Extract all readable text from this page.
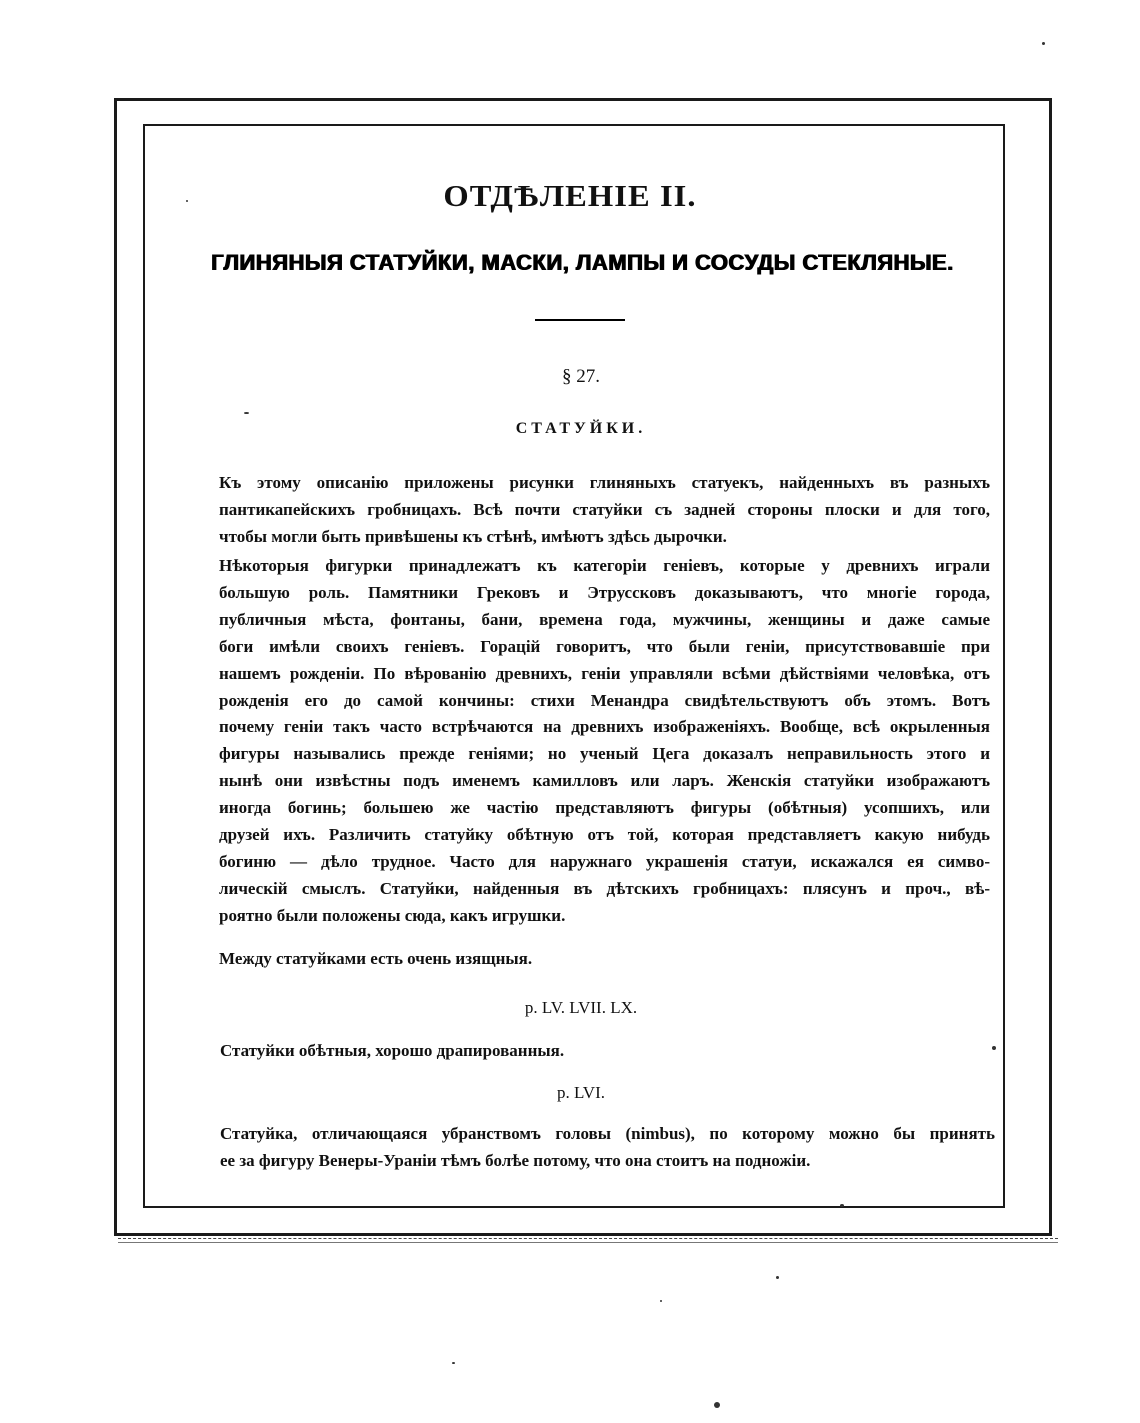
ОТДѢЛЕНІЕ II.
ГЛИНЯНЫЯ СТАТУЙКИ, МАСКИ, ЛАМПЫ И СОСУДЫ СТЕКЛЯНЫЕ.
§ 27.
СТАТУЙКИ.
Къ этому описанію приложены рисунки глиняныхъ статуекъ, найденныхъ въ разныхъ
пантикапейскихъ гробницахъ. Всѣ почти статуйки съ задней стороны плоски и для того,
чтобы могли быть привѣшены къ стѣнѣ, имѣютъ здѣсь дырочки.
Нѣкоторыя фигурки принадлежатъ къ категоріи геніевъ, которые у древнихъ играли
большую роль. Памятники Грековъ и Этруссковъ доказываютъ, что многіе города,
публичныя мѣста, фонтаны, бани, времена года, мужчины, женщины и даже самые
боги имѣли своихъ геніевъ. Горацій говоритъ, что были геніи, присутствовавшіе при
нашемъ рожденіи. По вѣрованію древнихъ, геніи управляли всѣми дѣйствіями человѣка, отъ
рожденія его до самой кончины: стихи Менандра свидѣтельствуютъ объ этомъ. Вотъ
почему геніи такъ часто встрѣчаются на древнихъ изображеніяхъ. Вообще, всѣ окрыленныя
фигуры назывались прежде геніями; но ученый Цега доказалъ неправильность этого и
нынѣ они извѣстны подъ именемъ камилловъ или ларъ. Женскія статуйки изображаютъ
иногда богинь; большею же частію представляютъ фигуры (обѣтныя) усопшихъ, или
друзей ихъ. Различить статуйку обѣтную отъ той, которая представляетъ какую нибудь
богиню — дѣло трудное. Часто для наружнаго украшенія статуи, искажался ея симво-
лическій смыслъ. Статуйки, найденныя въ дѣтскихъ гробницахъ: плясунъ и проч., вѣ-
роятно были положены сюда, какъ игрушки.
Между статуйками есть очень изящныя.
p. LV. LVII. LX.
Статуйки обѣтныя, хорошо драпированныя.
p. LVI.
Статуйка, отличающаяся убранствомъ головы (nimbus), по которому можно бы принять
ее за фигуру Венеры-Ураніи тѣмъ болѣе потому, что она стоитъ на подножіи.
